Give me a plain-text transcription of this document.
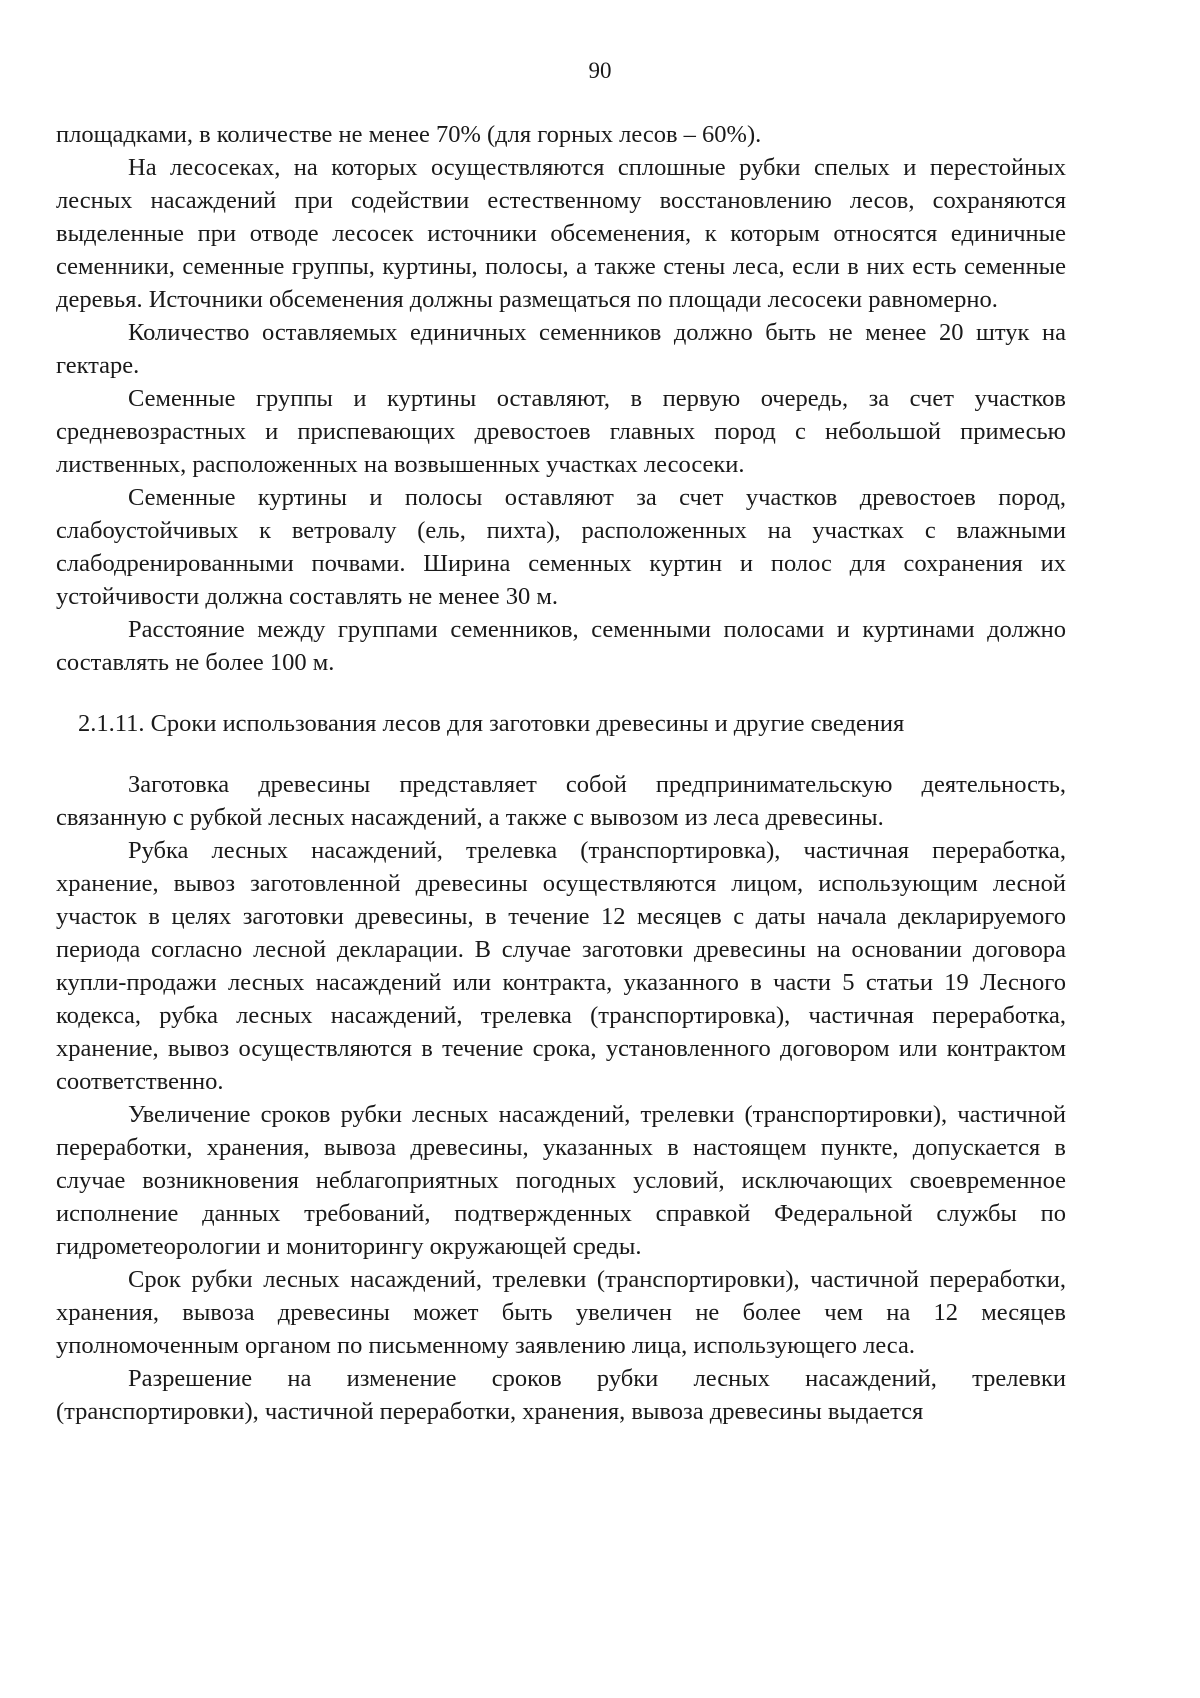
90

площадками, в количестве не менее 70% (для горных лесов – 60%).

На лесосеках, на которых осуществляются сплошные рубки спелых и перестойных лесных насаждений при содействии естественному восстановлению лесов, сохраняются выделенные при отводе лесосек источники обсеменения, к которым относятся единичные семенники, семенные группы, куртины, полосы, а также стены леса, если в них есть семенные деревья. Источники обсеменения должны размещаться по площади лесосеки равномерно.

Количество оставляемых единичных семенников должно быть не менее 20 штук на гектаре.

Семенные группы и куртины оставляют, в первую очередь, за счет участков средневозрастных и приспевающих древостоев главных пород с небольшой примесью лиственных, расположенных на возвышенных участках лесосеки.

Семенные куртины и полосы оставляют за счет участков древостоев пород, слабоустойчивых к ветровалу (ель, пихта), расположенных на участках с влажными слабодренированными почвами. Ширина семенных куртин и полос для сохранения их устойчивости должна составлять не менее 30 м.

Расстояние между группами семенников, семенными полосами и куртинами должно составлять не более 100 м.

2.1.11. Сроки использования лесов для заготовки древесины и другие сведения

Заготовка древесины представляет собой предпринимательскую деятельность, связанную с рубкой лесных насаждений, а также с вывозом из леса древесины.

Рубка лесных насаждений, трелевка (транспортировка), частичная переработка, хранение, вывоз заготовленной древесины осуществляются лицом, использующим лесной участок в целях заготовки древесины, в течение 12 месяцев с даты начала декларируемого периода согласно лесной декларации. В случае заготовки древесины на основании договора купли-продажи лесных насаждений или контракта, указанного в части 5 статьи 19 Лесного кодекса, рубка лесных насаждений, трелевка (транспортировка), частичная переработка, хранение, вывоз осуществляются в течение срока, установленного договором или контрактом соответственно.

Увеличение сроков рубки лесных насаждений, трелевки (транспортировки), частичной переработки, хранения, вывоза древесины, указанных в настоящем пункте, допускается в случае возникновения неблагоприятных погодных условий, исключающих своевременное исполнение данных требований, подтвержденных справкой Федеральной службы по гидрометеорологии и мониторингу окружающей среды.

Срок рубки лесных насаждений, трелевки (транспортировки), частичной переработки, хранения, вывоза древесины может быть увеличен не более чем на 12 месяцев уполномоченным органом по письменному заявлению лица, использующего леса.

Разрешение на изменение сроков рубки лесных насаждений, трелевки (транспортировки), частичной переработки, хранения, вывоза древесины выдается
